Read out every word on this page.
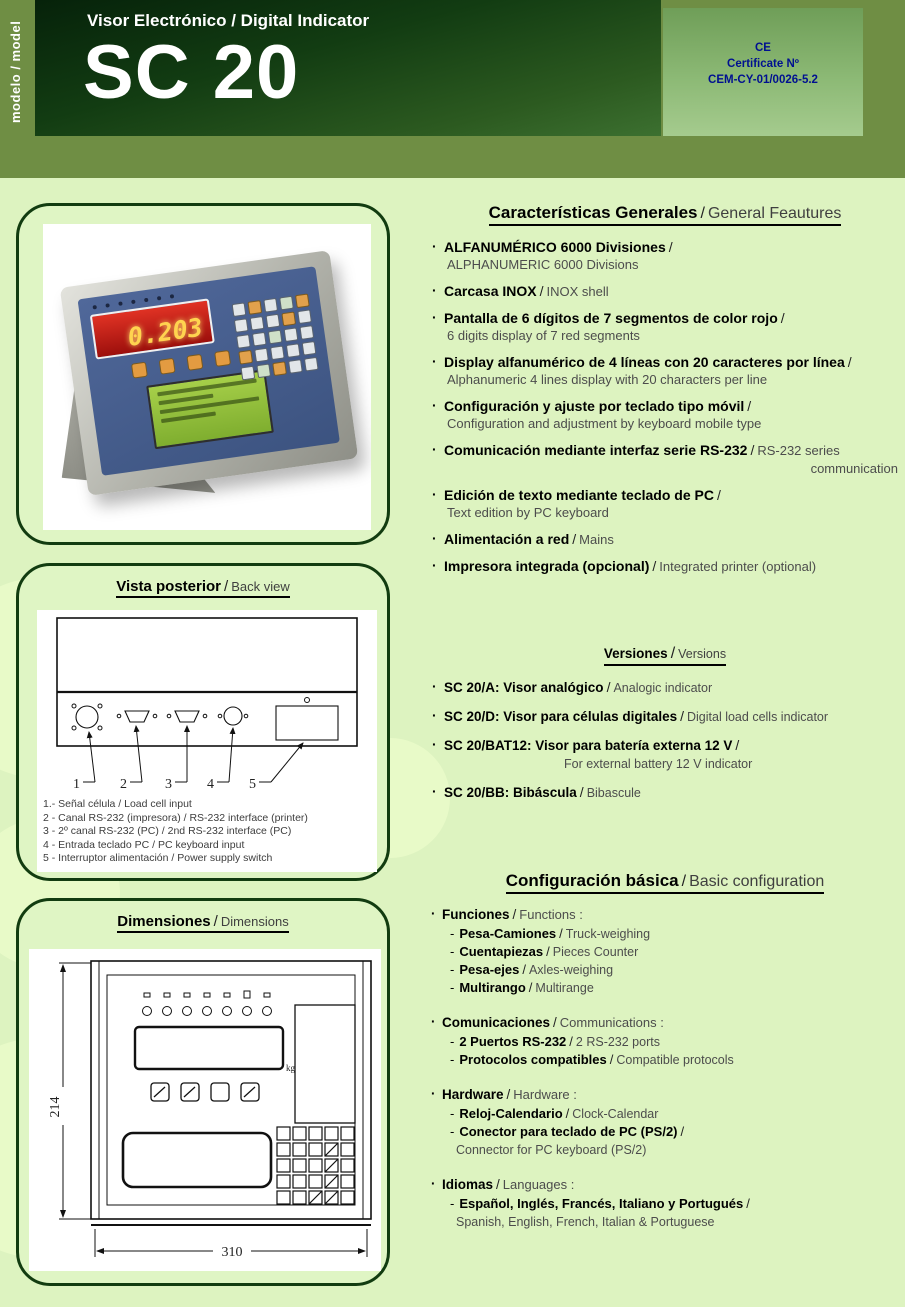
modelo / model
Visor Electrónico / Digital Indicator
SC 20	CE
Certificate Nº
CEM-CY-01/0026-5.2
0.203
Vista posterior / Back view
1	2	3	4	5
1.- Señal célula / Load cell input
2 - Canal RS-232 (impresora) / RS-232 interface (printer)
3 - 2º canal RS-232 (PC) / 2nd RS-232 interface (PC)
4 - Entrada teclado PC / PC keyboard input
5 - Interruptor alimentación / Power supply switch
Dimensiones / Dimensions
214
kg
310
Características Generales / General Feautures
· ALFANUMÉRICO 6000 Divisiones /
ALPHANUMERIC 6000 Divisions
· Carcasa INOX / INOX shell
· Pantalla de 6 dígitos de 7 segmentos de color rojo /
6 digits display of 7 red segments
· Display alfanumérico de 4 líneas con 20 caracteres por línea /
Alphanumeric 4 lines display with 20 characters per line
· Configuración y ajuste por teclado tipo móvil /
Configuration and adjustment by keyboard mobile type
· Comunicación mediante interfaz serie RS-232 / RS-232 series
communication
· Edición de texto mediante teclado de PC /
Text edition by PC keyboard
· Alimentación a red / Mains
· Impresora integrada (opcional) / Integrated printer (optional)
Versiones / Versions
· SC 20/A: Visor analógico / Analogic indicator
· SC 20/D: Visor para células digitales / Digital load cells indicator
· SC 20/BAT12: Visor para batería externa 12 V /
For external battery 12 V indicator
· SC 20/BB: Bibáscula / Bibascule
Configuración básica / Basic configuration
· Funciones / Functions :
- Pesa-Camiones / Truck-weighing
- Cuentapiezas / Pieces Counter
- Pesa-ejes / Axles-weighing
- Multirango / Multirange
· Comunicaciones / Communications :
- 2 Puertos RS-232 / 2 RS-232 ports
- Protocolos compatibles / Compatible protocols
· Hardware / Hardware :
- Reloj-Calendario / Clock-Calendar
- Conector para teclado de PC (PS/2) /
Connector for PC keyboard (PS/2)
· Idiomas / Languages :
- Español, Inglés, Francés, Italiano y Portugués /
Spanish, English, French, Italian & Portuguese
